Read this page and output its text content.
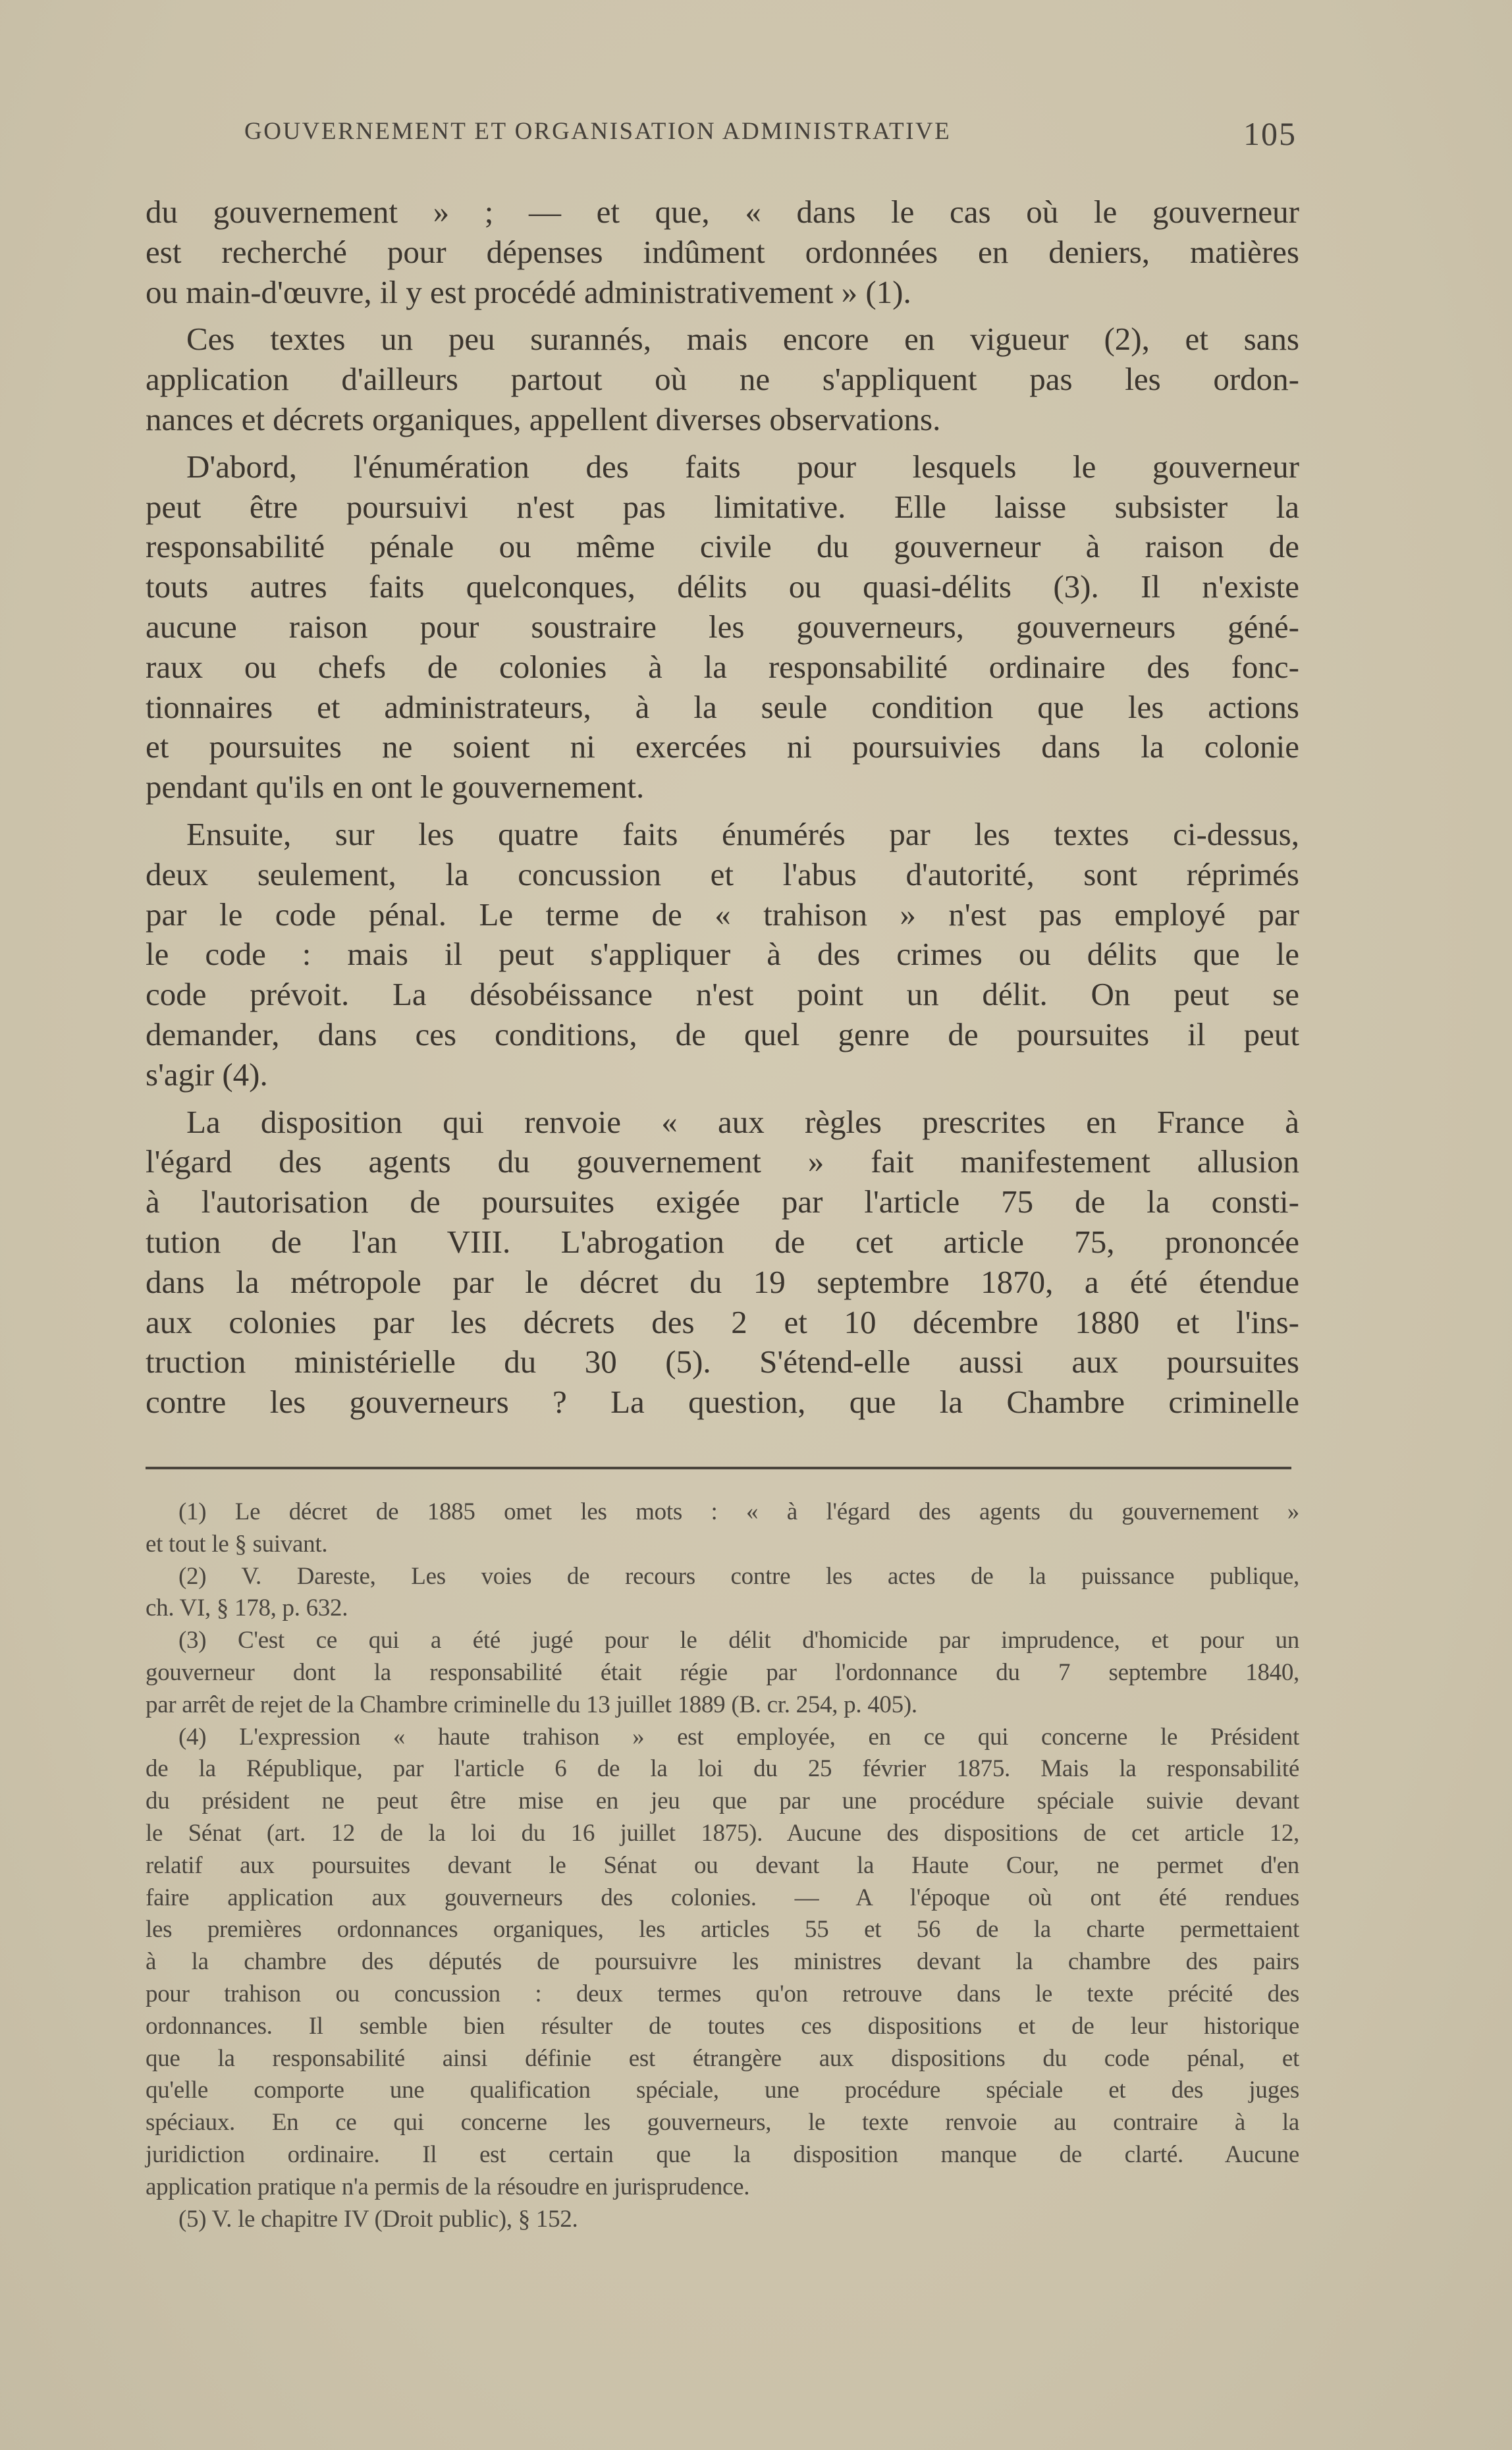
GOUVERNEMENT ET ORGANISATION ADMINISTRATIVE	105
du gouvernement » ; — et que, « dans le cas où le gouverneur
est recherché pour dépenses indûment ordonnées en deniers, matières
ou main-d'œuvre, il y est procédé administrativement » (1).
Ces textes un peu surannés, mais encore en vigueur (2), et sans
application d'ailleurs partout où ne s'appliquent pas les ordon-
nances et décrets organiques, appellent diverses observations.
D'abord, l'énumération des faits pour lesquels le gouverneur
peut être poursuivi n'est pas limitative. Elle laisse subsister la
responsabilité pénale ou même civile du gouverneur à raison de
touts autres faits quelconques, délits ou quasi-délits (3). Il n'existe
aucune raison pour soustraire les gouverneurs, gouverneurs géné-
raux ou chefs de colonies à la responsabilité ordinaire des fonc-
tionnaires et administrateurs, à la seule condition que les actions
et poursuites ne soient ni exercées ni poursuivies dans la colonie
pendant qu'ils en ont le gouvernement.
Ensuite, sur les quatre faits énumérés par les textes ci-dessus,
deux seulement, la concussion et l'abus d'autorité, sont réprimés
par le code pénal. Le terme de « trahison » n'est pas employé par
le code : mais il peut s'appliquer à des crimes ou délits que le
code prévoit. La désobéissance n'est point un délit. On peut se
demander, dans ces conditions, de quel genre de poursuites il peut
s'agir (4).
La disposition qui renvoie « aux règles prescrites en France à
l'égard des agents du gouvernement » fait manifestement allusion
à l'autorisation de poursuites exigée par l'article 75 de la consti-
tution de l'an VIII. L'abrogation de cet article 75, prononcée
dans la métropole par le décret du 19 septembre 1870, a été étendue
aux colonies par les décrets des 2 et 10 décembre 1880 et l'ins-
truction ministérielle du 30 (5). S'étend-elle aussi aux poursuites
contre les gouverneurs ? La question, que la Chambre criminelle
(1) Le décret de 1885 omet les mots : « à l'égard des agents du gouvernement »
et tout le § suivant.
(2) V. Dareste, Les voies de recours contre les actes de la puissance publique,
ch. VI, § 178, p. 632.
(3) C'est ce qui a été jugé pour le délit d'homicide par imprudence, et pour un
gouverneur dont la responsabilité était régie par l'ordonnance du 7 septembre 1840,
par arrêt de rejet de la Chambre criminelle du 13 juillet 1889 (B. cr. 254, p. 405).
(4) L'expression « haute trahison » est employée, en ce qui concerne le Président
de la République, par l'article 6 de la loi du 25 février 1875. Mais la responsabilité
du président ne peut être mise en jeu que par une procédure spéciale suivie devant
le Sénat (art. 12 de la loi du 16 juillet 1875). Aucune des dispositions de cet article 12,
relatif aux poursuites devant le Sénat ou devant la Haute Cour, ne permet d'en
faire application aux gouverneurs des colonies. — A l'époque où ont été rendues
les premières ordonnances organiques, les articles 55 et 56 de la charte permettaient
à la chambre des députés de poursuivre les ministres devant la chambre des pairs
pour trahison ou concussion : deux termes qu'on retrouve dans le texte précité des
ordonnances. Il semble bien résulter de toutes ces dispositions et de leur historique
que la responsabilité ainsi définie est étrangère aux dispositions du code pénal, et
qu'elle comporte une qualification spéciale, une procédure spéciale et des juges
spéciaux. En ce qui concerne les gouverneurs, le texte renvoie au contraire à la
juridiction ordinaire. Il est certain que la disposition manque de clarté. Aucune
application pratique n'a permis de la résoudre en jurisprudence.
(5) V. le chapitre IV (Droit public), § 152.
